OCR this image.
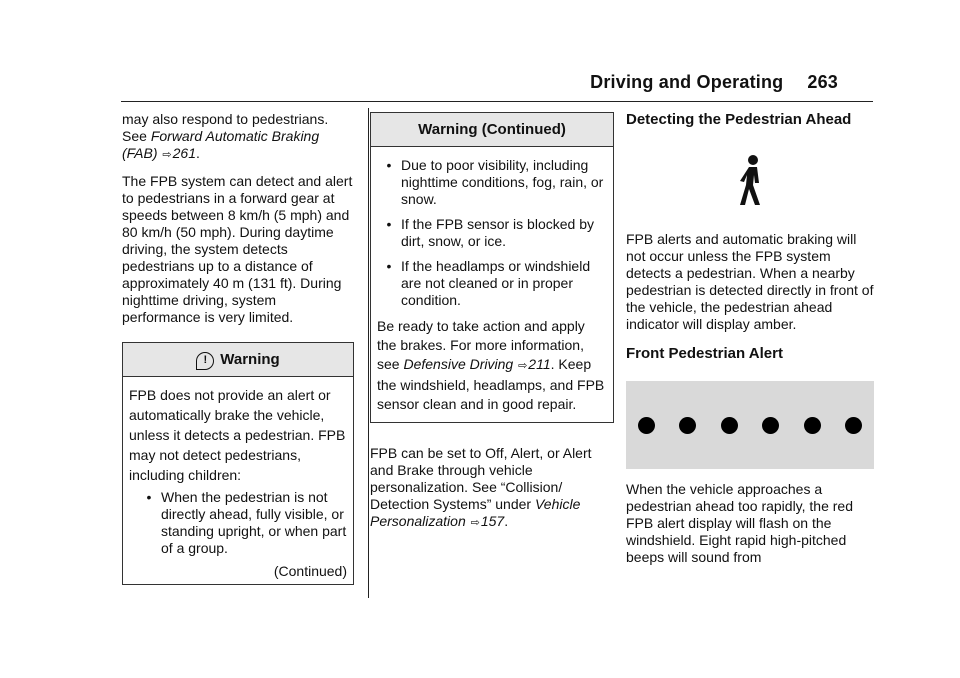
Driving and Operating 263

may also respond to pedestrians. See Forward Automatic Braking (FAB) ⇨261.

The FPB system can detect and alert to pedestrians in a forward gear at speeds between 8 km/h (5 mph) and 80 km/h (50 mph). During daytime driving, the system detects pedestrians up to a distance of approximately 40 m (131 ft). During nighttime driving, system performance is very limited.

! Warning

FPB does not provide an alert or automatically brake the vehicle, unless it detects a pedestrian. FPB may not detect pedestrians, including children:

• When the pedestrian is not directly ahead, fully visible, or standing upright, or when part of a group.
(Continued)
Warning (Continued)
• Due to poor visibility, including nighttime conditions, fog, rain, or snow.
• If the FPB sensor is blocked by dirt, snow, or ice.
• If the headlamps or windshield are not cleaned or in proper condition.

Be ready to take action and apply the brakes. For more information, see Defensive Driving ⇨211. Keep the windshield, headlamps, and FPB sensor clean and in good repair.

FPB can be set to Off, Alert, or Alert and Brake through vehicle personalization. See “Collision/ Detection Systems” under Vehicle Personalization ⇨157.

Detecting the Pedestrian Ahead

FPB alerts and automatic braking will not occur unless the FPB system detects a pedestrian. When a nearby pedestrian is detected directly in front of the vehicle, the pedestrian ahead indicator will display amber.

Front Pedestrian Alert

When the vehicle approaches a pedestrian ahead too rapidly, the red FPB alert display will flash on the windshield. Eight rapid high-pitched beeps will sound from
